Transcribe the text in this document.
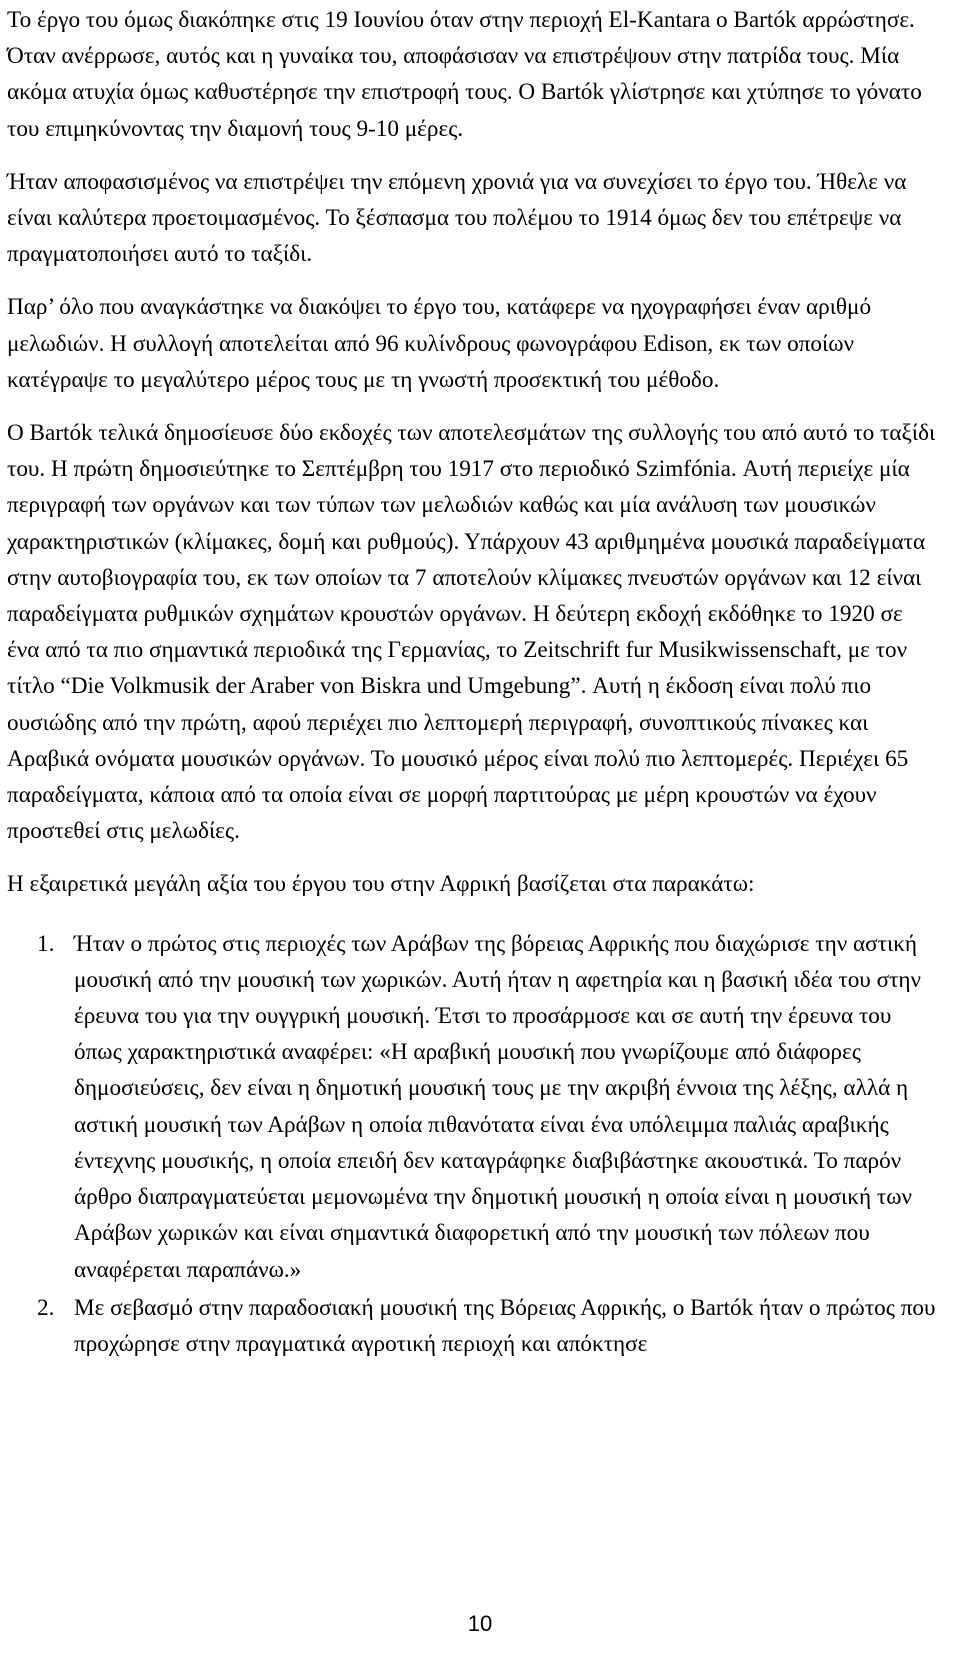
Το έργο του όμως διακόπηκε στις 19 Ιουνίου όταν στην περιοχή El-Kantara ο Bartók αρρώστησε. Όταν ανέρρωσε, αυτός και η γυναίκα του, αποφάσισαν να επιστρέψουν στην πατρίδα τους. Μία ακόμα ατυχία όμως καθυστέρησε την επιστροφή τους. Ο Bartók γλίστρησε και χτύπησε το γόνατο του επιμηκύνοντας την διαμονή τους 9-10 μέρες.

Ήταν αποφασισμένος να επιστρέψει την επόμενη χρονιά για να συνεχίσει το έργο του. Ήθελε να είναι καλύτερα προετοιμασμένος. Το ξέσπασμα του πολέμου το 1914 όμως δεν του επέτρεψε να πραγματοποιήσει αυτό το ταξίδι.

Παρ’ όλο που αναγκάστηκε να διακόψει το έργο του, κατάφερε να ηχογραφήσει έναν αριθμό μελωδιών. Η συλλογή αποτελείται από 96 κυλίνδρους φωνογράφου Edison, εκ των οποίων κατέγραψε το μεγαλύτερο μέρος τους με τη γνωστή προσεκτική του μέθοδο.

Ο Bartók τελικά δημοσίευσε δύο εκδοχές των αποτελεσμάτων της συλλογής του από αυτό το ταξίδι του. Η πρώτη δημοσιεύτηκε το Σεπτέμβρη του 1917 στο περιοδικό Szimfónia. Αυτή περιείχε μία περιγραφή των οργάνων και των τύπων των μελωδιών καθώς και μία ανάλυση των μουσικών χαρακτηριστικών (κλίμακες, δομή και ρυθμούς). Υπάρχουν 43 αριθμημένα μουσικά παραδείγματα στην αυτοβιογραφία του, εκ των οποίων τα 7 αποτελούν κλίμακες πνευστών οργάνων και 12 είναι παραδείγματα ρυθμικών σχημάτων κρουστών οργάνων. Η δεύτερη εκδοχή εκδόθηκε το 1920 σε ένα από τα πιο σημαντικά περιοδικά της Γερμανίας, το Zeitschrift fur Musikwissenschaft, με τον τίτλο “Die Volkmusik der Araber von Biskra und Umgebung”. Αυτή η έκδοση είναι πολύ πιο ουσιώδης από την πρώτη, αφού περιέχει πιο λεπτομερή περιγραφή, συνοπτικούς πίνακες και Αραβικά ονόματα μουσικών οργάνων. Το μουσικό μέρος είναι πολύ πιο λεπτομερές. Περιέχει 65 παραδείγματα, κάποια από τα οποία είναι σε μορφή παρτιτούρας με μέρη κρουστών να έχουν προστεθεί στις μελωδίες.

Η εξαιρετικά μεγάλη αξία του έργου του στην Αφρική βασίζεται στα παρακάτω:

1. Ήταν ο πρώτος στις περιοχές των Αράβων της βόρειας Αφρικής που διαχώρισε την αστική μουσική από την μουσική των χωρικών. Αυτή ήταν η αφετηρία και η βασική ιδέα του στην έρευνα του για την ουγγρική μουσική. Έτσι το προσάρμοσε και σε αυτή την έρευνα του όπως χαρακτηριστικά αναφέρει: «Η αραβική μουσική που γνωρίζουμε από διάφορες δημοσιεύσεις, δεν είναι η δημοτική μουσική τους με την ακριβή έννοια της λέξης, αλλά η αστική μουσική των Αράβων η οποία πιθανότατα είναι ένα υπόλειμμα παλιάς αραβικής έντεχνης μουσικής, η οποία επειδή δεν καταγράφηκε διαβιβάστηκε ακουστικά. Το παρόν άρθρο διαπραγματεύεται μεμονωμένα την δημοτική μουσική η οποία είναι η μουσική των Αράβων χωρικών και είναι σημαντικά διαφορετική από την μουσική των πόλεων που αναφέρεται παραπάνω.»
2. Με σεβασμό στην παραδοσιακή μουσική της Βόρειας Αφρικής, ο Bartók ήταν ο πρώτος που προχώρησε στην πραγματικά αγροτική περιοχή και απόκτησε
10
